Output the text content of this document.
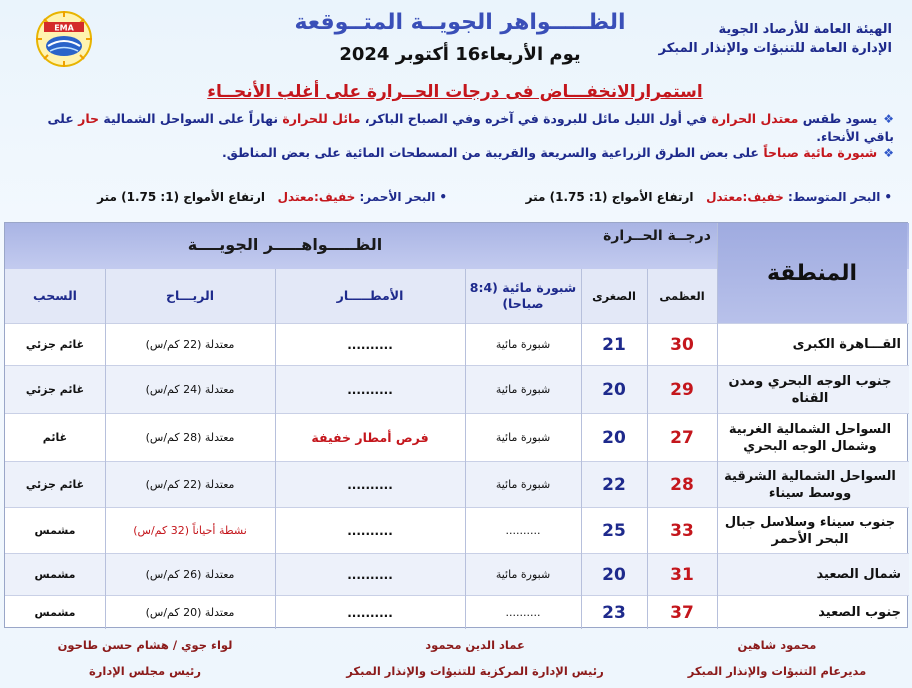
الهيئة العامة للأرصاد الجوية
الإدارة العامة للتنبؤات والإنذار المبكر
EMA	الظـــــواهر الجويــة المتــوقعة
يوم الأربعاء16 أكتوبر 2024
استمرارالانخفـــاض فى درجات الحــرارة على أغلب الأنحــاء
❖يسود طقس معتدل الحرارة في أول الليل مائل للبرودة في آخره وفي الصباح الباكر، مائل للحرارة نهاراً على السواحل الشمالية حار على باقي الأنحاء.
❖شبورة مائية صباحاً على بعض الطرق الزراعية والسريعة والقريبة من المسطحات المائية على بعض المناطق.
•البحر المتوسط: خفيف:معتدل   ارتفاع الأمواج (1: 1.75) متر
•البحر الأحمر: خفيف:معتدل   ارتفاع الأمواج (1: 1.75) متر
المنطقة
درجــة الحــرارة
الظـــــواهـــــر الجويــــة
العظمى
الصغرى
شبورة مائية (8:4 صباحا)
الأمطـــــار
الريـــاح
السحب
القـــاهرة الكبرى
30
21
شبورة مائية
..........
معتدلة (22 كم/س)
غائم جزئي
جنوب الوجه البحري ومدن القناه
29
20
شبورة مائية
..........
معتدلة (24 كم/س)
غائم جزئي
السواحل الشمالية الغربية وشمال الوجه البحري
27
20
شبورة مائية
فرص أمطار خفيفة
معتدلة (28 كم/س)
غائم
السواحل الشمالية الشرقية ووسط سيناء
28
22
شبورة مائية
..........
معتدلة (22 كم/س)
غائم جزئي
جنوب سيناء وسلاسل جبال البحر الأحمر
33
25
..........
..........
نشطة أحياناً (32 كم/س)
مشمس
شمال الصعيد
31
20
شبورة مائية
..........
معتدلة (26 كم/س)
مشمس
جنوب الصعيد
37
23
..........
..........
معتدلة (20 كم/س)
مشمس
محمود شاهين
مديرعام التنبؤات والإنذار المبكر
عماد الدين محمود
رئيس الإدارة المركزية للتنبؤات والإنذار المبكر
لواء جوي / هشام حسن طاحون
رئيس مجلس الإدارة
